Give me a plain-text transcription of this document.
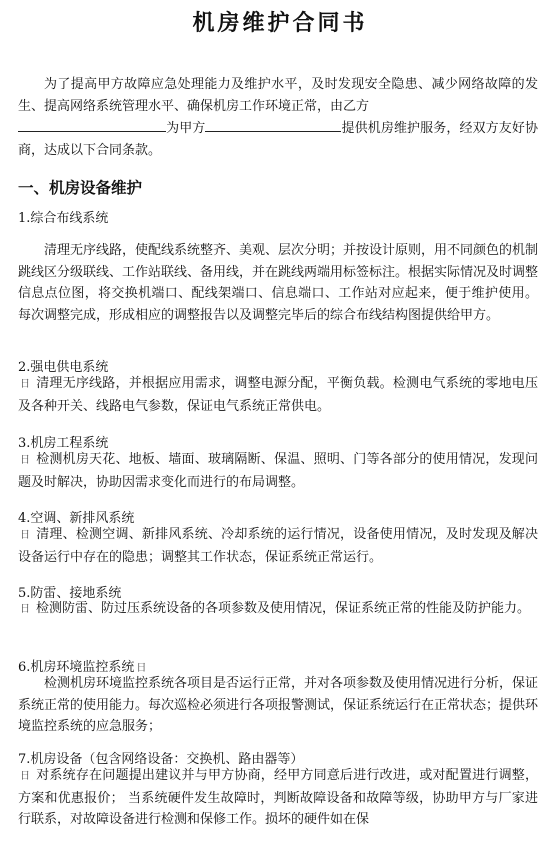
机房维护合同书
为了提高甲方故障应急处理能力及维护水平，及时发现安全隐患、减少网络故障的发生、提高网络系统管理水平、确保机房工作环境正常，由乙方
为甲方	提供机房维护服务，经双方友好协商，达成以下合同条款。
一、机房设备维护
1.综合布线系统
清理无序线路，使配线系统整齐、美观、层次分明；并按设计原则，用不同颜色的机制跳线区分级联线、工作站联线、备用线，并在跳线两端用标签标注。根据实际情况及时调整信息点位图，将交换机端口、配线架端口、信息端口、工作站对应起来，便于维护使用。 每次调整完成，形成相应的调整报告以及调整完毕后的综合布线结构图提供给甲方。
2.强电供电系统
日 清理无序线路，并根据应用需求，调整电源分配，平衡负载。检测电气系统的零地电压及各种开关、线路电气参数，保证电气系统正常供电。
3.机房工程系统
日 检测机房天花、地板、墙面、玻璃隔断、保温、照明、门等各部分的使用情况，发现问题及时解决，协助因需求变化而进行的布局调整。
4.空调、新排风系统
日 清理、检测空调、新排风系统、冷却系统的运行情况，设备使用情况，及时发现及解决设备运行中存在的隐患；调整其工作状态，保证系统正常运行。
5.防雷、接地系统
日 检测防雷、防过压系统设备的各项参数及使用情况，保证系统正常的性能及防护能力。
6.机房环境监控系统 日
检测机房环境监控系统各项目是否运行正常，并对各项参数及使用情况进行分析，保证系统正常的使用能力。每次巡检必须进行各项报警测试，保证系统运行在正常状态；提供环境监控系统的应急服务；
7.机房设备（包含网络设备：交换机、路由器等）
日 对系统存在问题提出建议并与甲方协商，经甲方同意后进行改进，或对配置进行调整，方案和优惠报价； 当系统硬件发生故障时，判断故障设备和故障等级，协助甲方与厂家进行联系，对故障设备进行检测和保修工作。损坏的硬件如在保
